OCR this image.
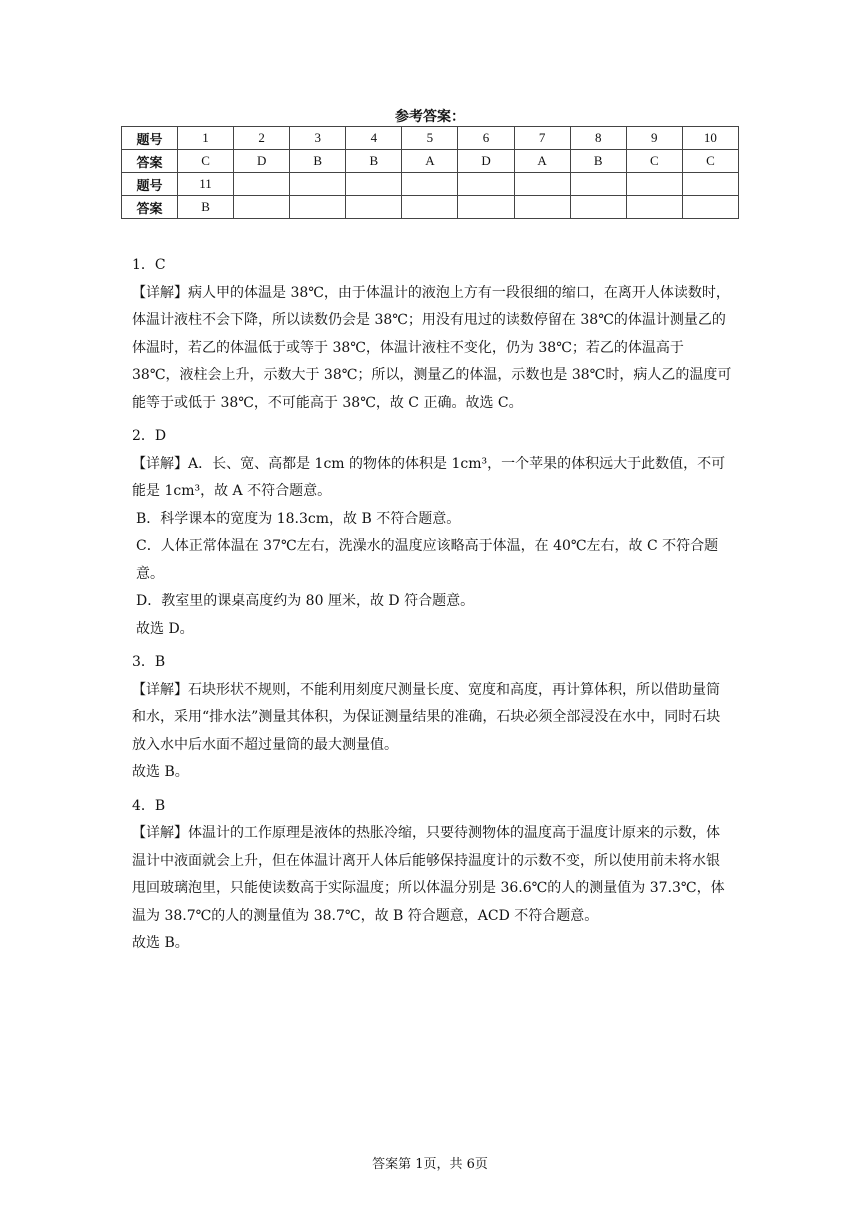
参考答案：
题号	1	2	3	4	5	6	7	8	9	10
答案	C	D	B	B	A	D	A	B	C	C
题号	11									
答案	B									

1．C

【详解】病人甲的体温是 38℃，由于体温计的液泡上方有一段很细的缩口，在离开人体读数时，体温计液柱不会下降，所以读数仍会是 38℃；用没有甩过的读数停留在 38℃的体温计测量乙的体温时，若乙的体温低于或等于 38℃，体温计液柱不变化，仍为 38℃；若乙的体温高于 38℃，液柱会上升，示数大于 38℃；所以，测量乙的体温，示数也是 38℃时，病人乙的温度可能等于或低于 38℃，不可能高于 38℃，故 C 正确。故选 C。

2．D

【详解】A．长、宽、高都是 1cm 的物体的体积是 1cm³，一个苹果的体积远大于此数值，不可能是 1cm³，故 A 不符合题意。

B．科学课本的宽度为 18.3cm，故 B 不符合题意。

C．人体正常体温在 37℃左右，洗澡水的温度应该略高于体温，在 40℃左右，故 C 不符合题意。

D．教室里的课桌高度约为 80 厘米，故 D 符合题意。

故选 D。

3．B

【详解】石块形状不规则，不能利用刻度尺测量长度、宽度和高度，再计算体积，所以借助量筒和水，采用“排水法”测量其体积，为保证测量结果的准确，石块必须全部浸没在水中，同时石块放入水中后水面不超过量筒的最大测量值。

故选 B。

4．B

【详解】体温计的工作原理是液体的热胀冷缩，只要待测物体的温度高于温度计原来的示数，体温计中液面就会上升，但在体温计离开人体后能够保持温度计的示数不变，所以使用前未将水银甩回玻璃泡里，只能使读数高于实际温度；所以体温分别是 36.6℃的人的测量值为 37.3℃，体温为 38.7℃的人的测量值为 38.7℃，故 B 符合题意，ACD 不符合题意。

故选 B。

答案第 1页，共 6页
